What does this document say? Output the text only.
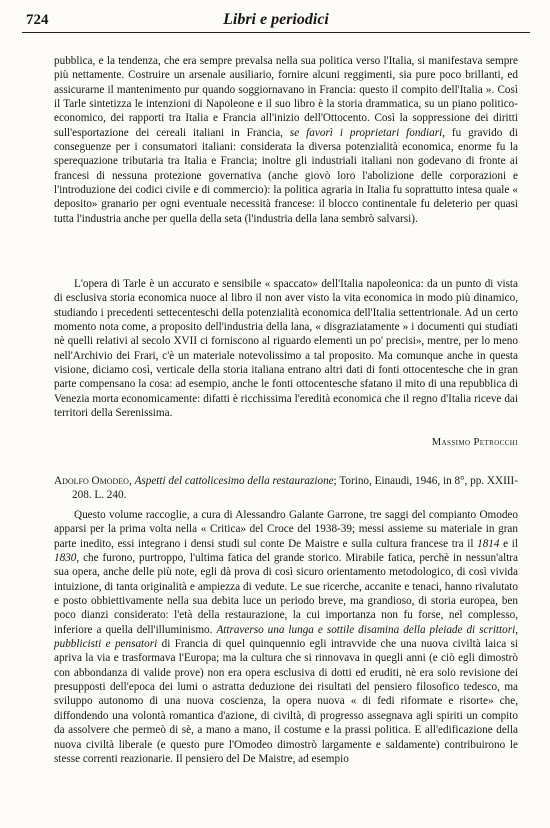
724	Libri e periodici
pubblica, e la tendenza, che era sempre prevalsa nella sua politica verso l'Italia, si manifestava sempre più nettamente. Costruire un arsenale ausiliario, fornire alcuni reggimenti, sia pure poco brillanti, ed assicurarne il mantenimento pur quando soggiornavano in Francia: questo il compito dell'Italia ». Così il Tarle sintetizza le intenzioni di Napoleone e il suo libro è la storia drammatica, su un piano politico-economico, dei rapporti tra Italia e Francia all'inizio dell'Ottocento. Così la soppressione dei diritti sull'esportazione dei cereali italiani in Francia, se favorì i proprietari fondiari, fu gravido di conseguenze per i consumatori italiani: considerata la diversa potenzialità economica, enorme fu la sperequazione tributaria tra Italia e Francia; inoltre gli industriali italiani non godevano di fronte ai francesi di nessuna protezione governativa (anche giovò loro l'abolizione delle corporazioni e l'introduzione dei codici civile e di commercio): la politica agraria in Italia fu soprattutto intesa quale « deposito» granario per ogni eventuale necessità francese: il blocco continentale fu deleterio per quasi tutta l'industria anche per quella della seta (l'industria della lana sembrò salvarsi).
L'opera di Tarle è un accurato e sensibile « spaccato» dell'Italia napoleonica: da un punto di vista di esclusiva storia economica nuoce al libro il non aver visto la vita economica in modo più dinamico, studiando i precedenti settecenteschi della potenzialità economica dell'Italia settentrionale. Ad un certo momento nota come, a proposito dell'industria della lana, « disgraziatamente » i documenti qui studiati nè quelli relativi al secolo XVII ci forniscono al riguardo elementi un po' precisi», mentre, per lo meno nell'Archivio dei Frari, c'è un materiale notevolissimo a tal proposito. Ma comunque anche in questa visione, diciamo così, verticale della storia italiana entrano altri dati di fonti ottocentesche che in gran parte compensano la cosa: ad esempio, anche le fonti ottocentesche sfatano il mito di una repubblica di Venezia morta economicamente: difatti è ricchissima l'eredità economica che il regno d'Italia riceve dai territori della Serenissima.
Massimo Petrocchi
Adolfo Omodeo, Aspetti del cattolicesimo della restaurazione; Torino, Einaudi, 1946, in 8°, pp. XXIII-208. L. 240.
Questo volume raccoglie, a cura di Alessandro Galante Garrone, tre saggi del compianto Omodeo apparsi per la prima volta nella « Critica» del Croce del 1938-39; messi assieme su materiale in gran parte inedito, essi integrano i densi studi sul conte De Maistre e sulla cultura francese tra il 1814 e il 1830, che furono, purtroppo, l'ultima fatica del grande storico. Mirabile fatica, perchè in nessun'altra sua opera, anche delle più note, egli dà prova di così sicuro orientamento metodologico, di così vivida intuizione, di tanta originalità e ampiezza di vedute. Le sue ricerche, accanite e tenaci, hanno rivalutato e posto obbiettivamente nella sua debita luce un periodo breve, ma grandioso, di storia europea, ben poco dianzi considerato: l'età della restaurazione, la cui importanza non fu forse, nel complesso, inferiore a quella dell'illuminismo. Attraverso una lunga e sottile disamina della pleiade di scrittori, pubblicisti e pensatori di Francia di quel quinquennio egli intravvide che una nuova civiltà laica si apriva la via e trasformava l'Europa; ma la cultura che si rinnovava in quegli anni (e ciò egli dimostrò con abbondanza di valide prove) non era opera esclusiva di dotti ed eruditi, nè era solo revisione dei presupposti dell'epoca dei lumi o astratta deduzione dei risultati del pensiero filosofico tedesco, ma sviluppo autonomo di una nuova coscienza, la opera nuova « di fedi riformate e risorte» che, diffondendo una volontà romantica d'azione, di civiltà, di progresso assegnava agli spiriti un compito da assolvere che permeò di sè, a mano a mano, il costume e la prassi politica. E all'edificazione della nuova civiltà liberale (e questo pure l'Omodeo dimostrò largamente e saldamente) contribuirono le stesse correnti reazionarie. Il pensiero del De Maistre, ad esempio
